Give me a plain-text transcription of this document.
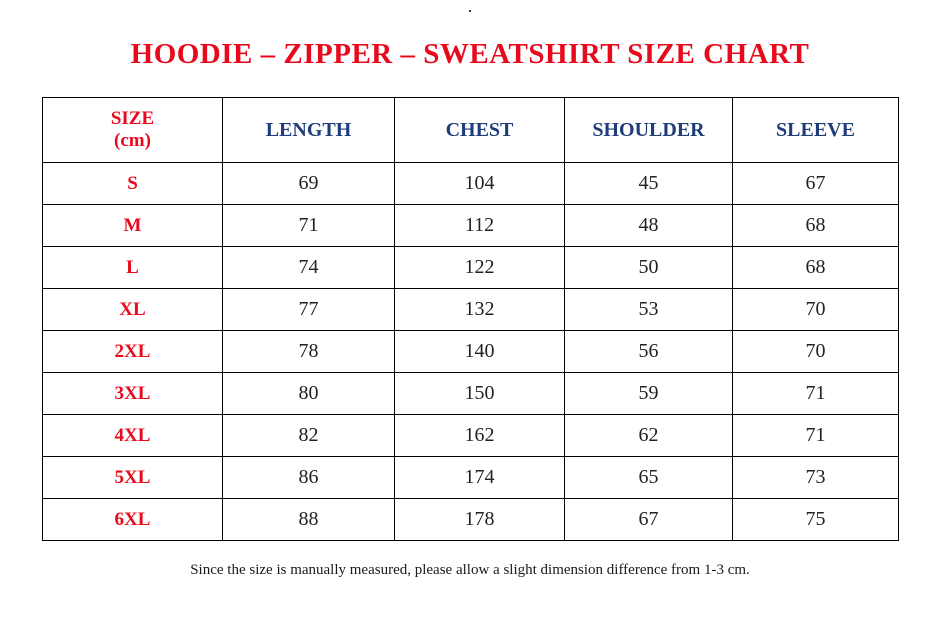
HOODIE – ZIPPER – SWEATSHIRT SIZE CHART
SIZE
(cm)	LENGTH	CHEST	SHOULDER	SLEEVE
S	69	104	45	67
M	71	112	48	68
L	74	122	50	68
XL	77	132	53	70
2XL	78	140	56	70
3XL	80	150	59	71
4XL	82	162	62	71
5XL	86	174	65	73
6XL	88	178	67	75
Since the size is manually measured, please allow a slight dimension difference from 1-3 cm.
